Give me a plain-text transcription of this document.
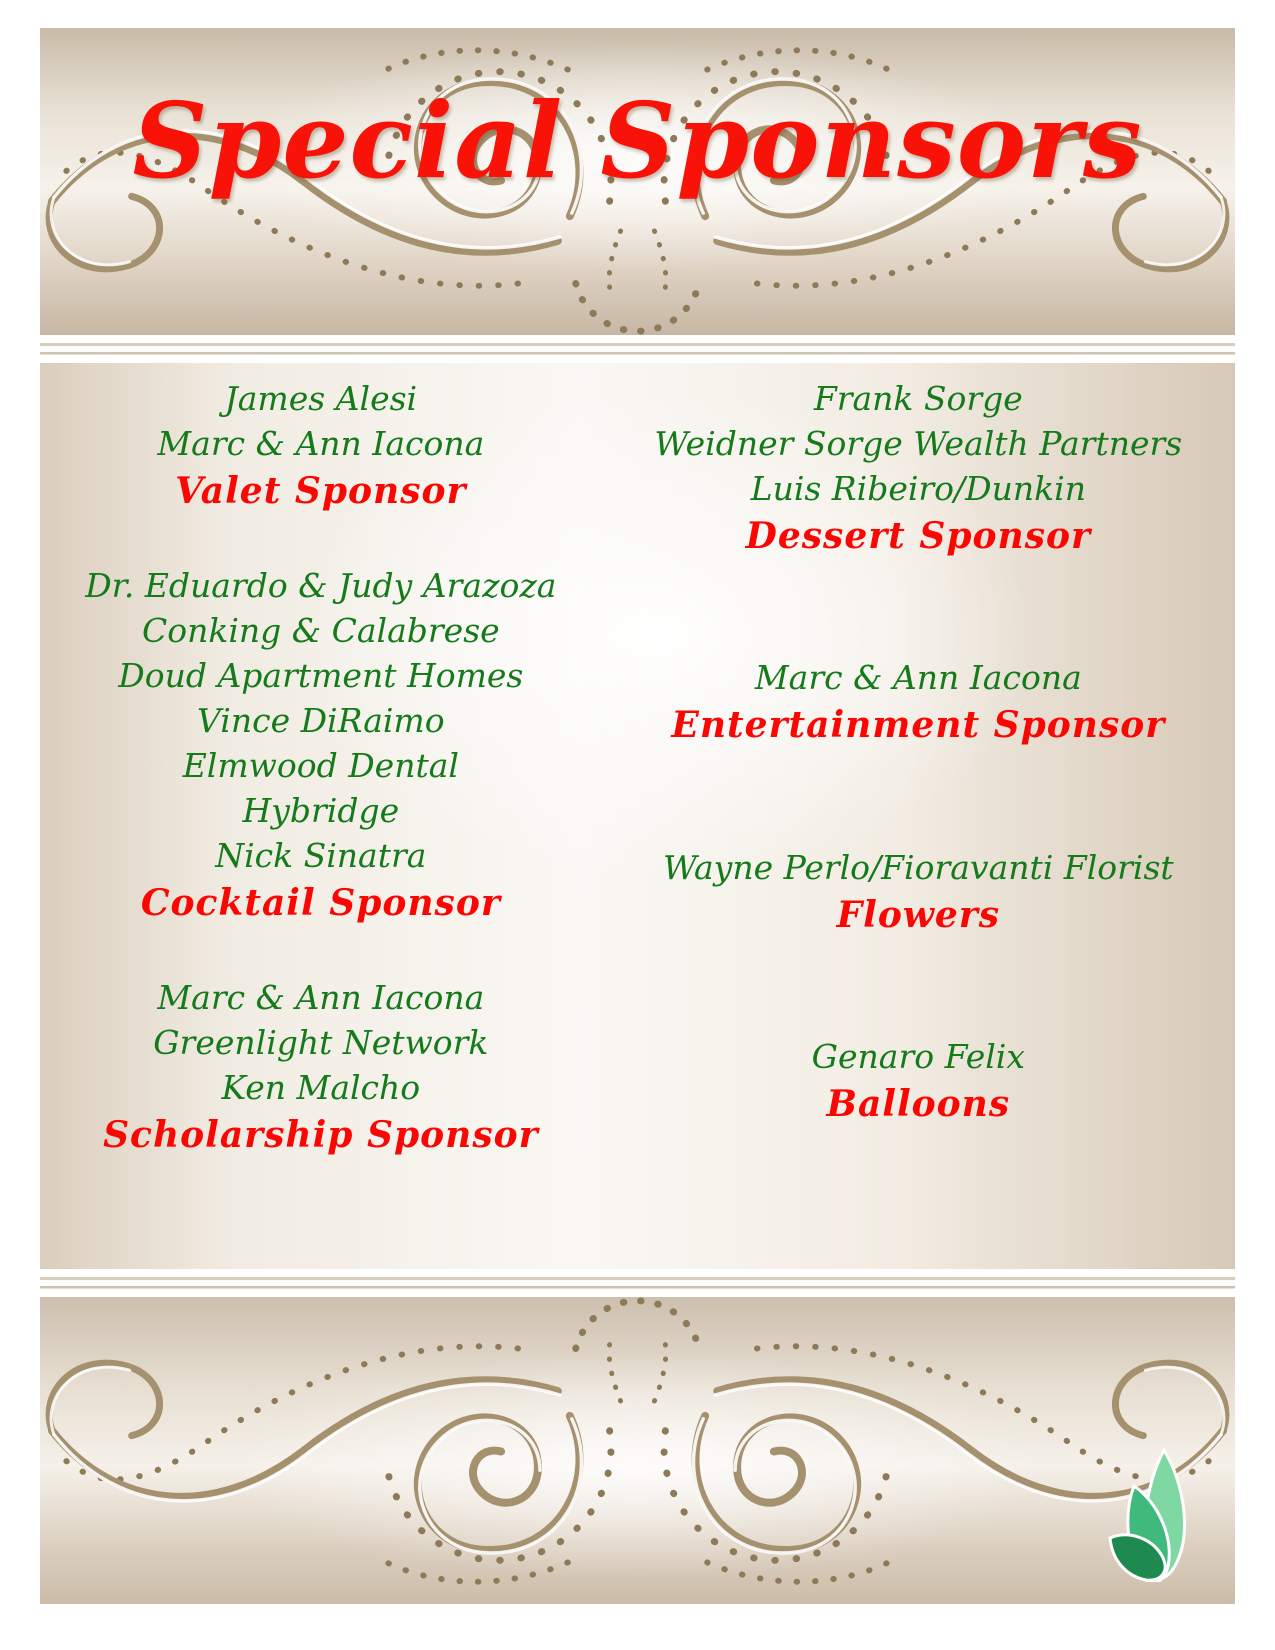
Special Sponsors
James Alesi
Marc & Ann Iacona
Valet Sponsor
Dr. Eduardo & Judy Arazoza
Conking & Calabrese
Doud Apartment Homes
Vince DiRaimo
Elmwood Dental
Hybridge
Nick Sinatra
Cocktail Sponsor
Marc & Ann Iacona
Greenlight Network
Ken Malcho
Scholarship Sponsor
Frank Sorge
Weidner Sorge Wealth Partners
Luis Ribeiro/Dunkin
Dessert Sponsor
Marc & Ann Iacona
Entertainment Sponsor
Wayne Perlo/Fioravanti Florist
Flowers
Genaro Felix
Balloons
